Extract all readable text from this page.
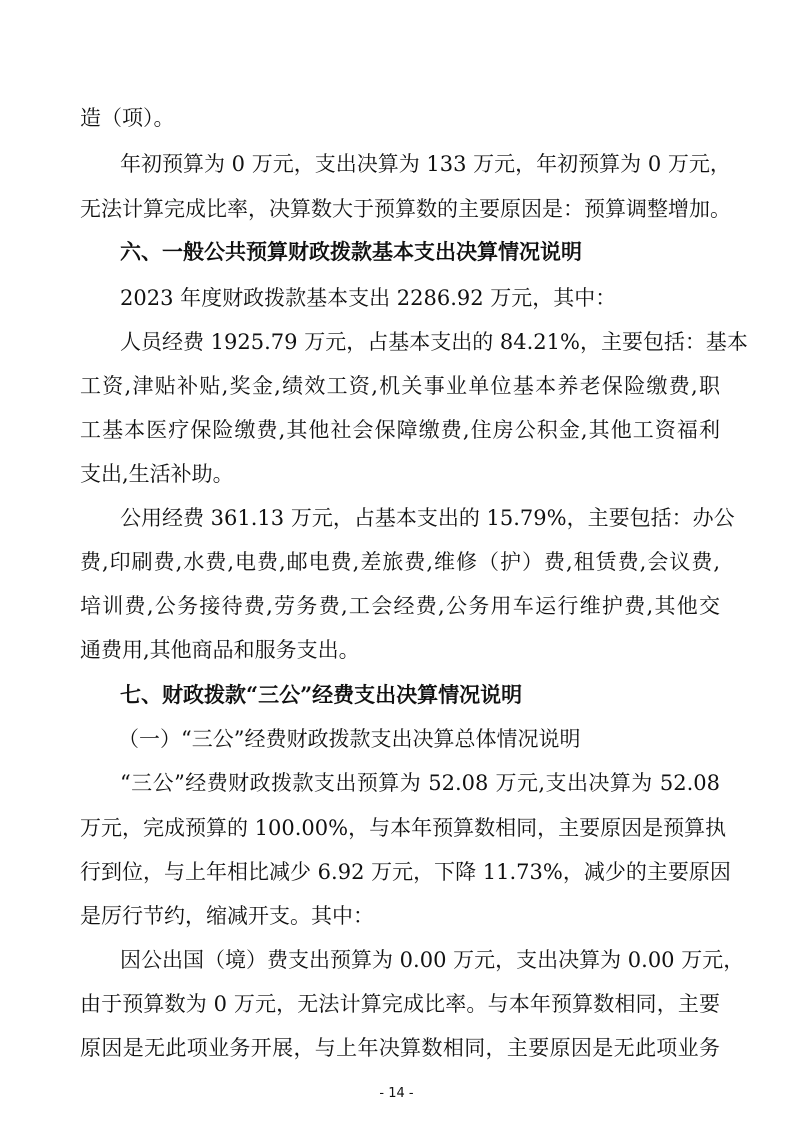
造（项）。
年初预算为 0 万元，支出决算为 133 万元，年初预算为 0 万元，
无法计算完成比率，决算数大于预算数的主要原因是：预算调整增加。
六、一般公共预算财政拨款基本支出决算情况说明
2023 年度财政拨款基本支出 2286.92 万元，其中：
人员经费 1925.79 万元，占基本支出的 84.21%，主要包括：基本
工资,津贴补贴,奖金,绩效工资,机关事业单位基本养老保险缴费,职
工基本医疗保险缴费,其他社会保障缴费,住房公积金,其他工资福利
支出,生活补助。
公用经费 361.13 万元，占基本支出的 15.79%，主要包括：办公
费,印刷费,水费,电费,邮电费,差旅费,维修（护）费,租赁费,会议费,
培训费,公务接待费,劳务费,工会经费,公务用车运行维护费,其他交
通费用,其他商品和服务支出。
七、财政拨款“三公”经费支出决算情况说明
（一）“三公”经费财政拨款支出决算总体情况说明
“三公”经费财政拨款支出预算为 52.08 万元,支出决算为 52.08
万元，完成预算的 100.00%，与本年预算数相同，主要原因是预算执
行到位，与上年相比减少 6.92 万元，下降 11.73%，减少的主要原因
是厉行节约，缩减开支。其中：
因公出国（境）费支出预算为 0.00 万元，支出决算为 0.00 万元，
由于预算数为 0 万元，无法计算完成比率。与本年预算数相同，主要
原因是无此项业务开展，与上年决算数相同，主要原因是无此项业务
- 14 -
